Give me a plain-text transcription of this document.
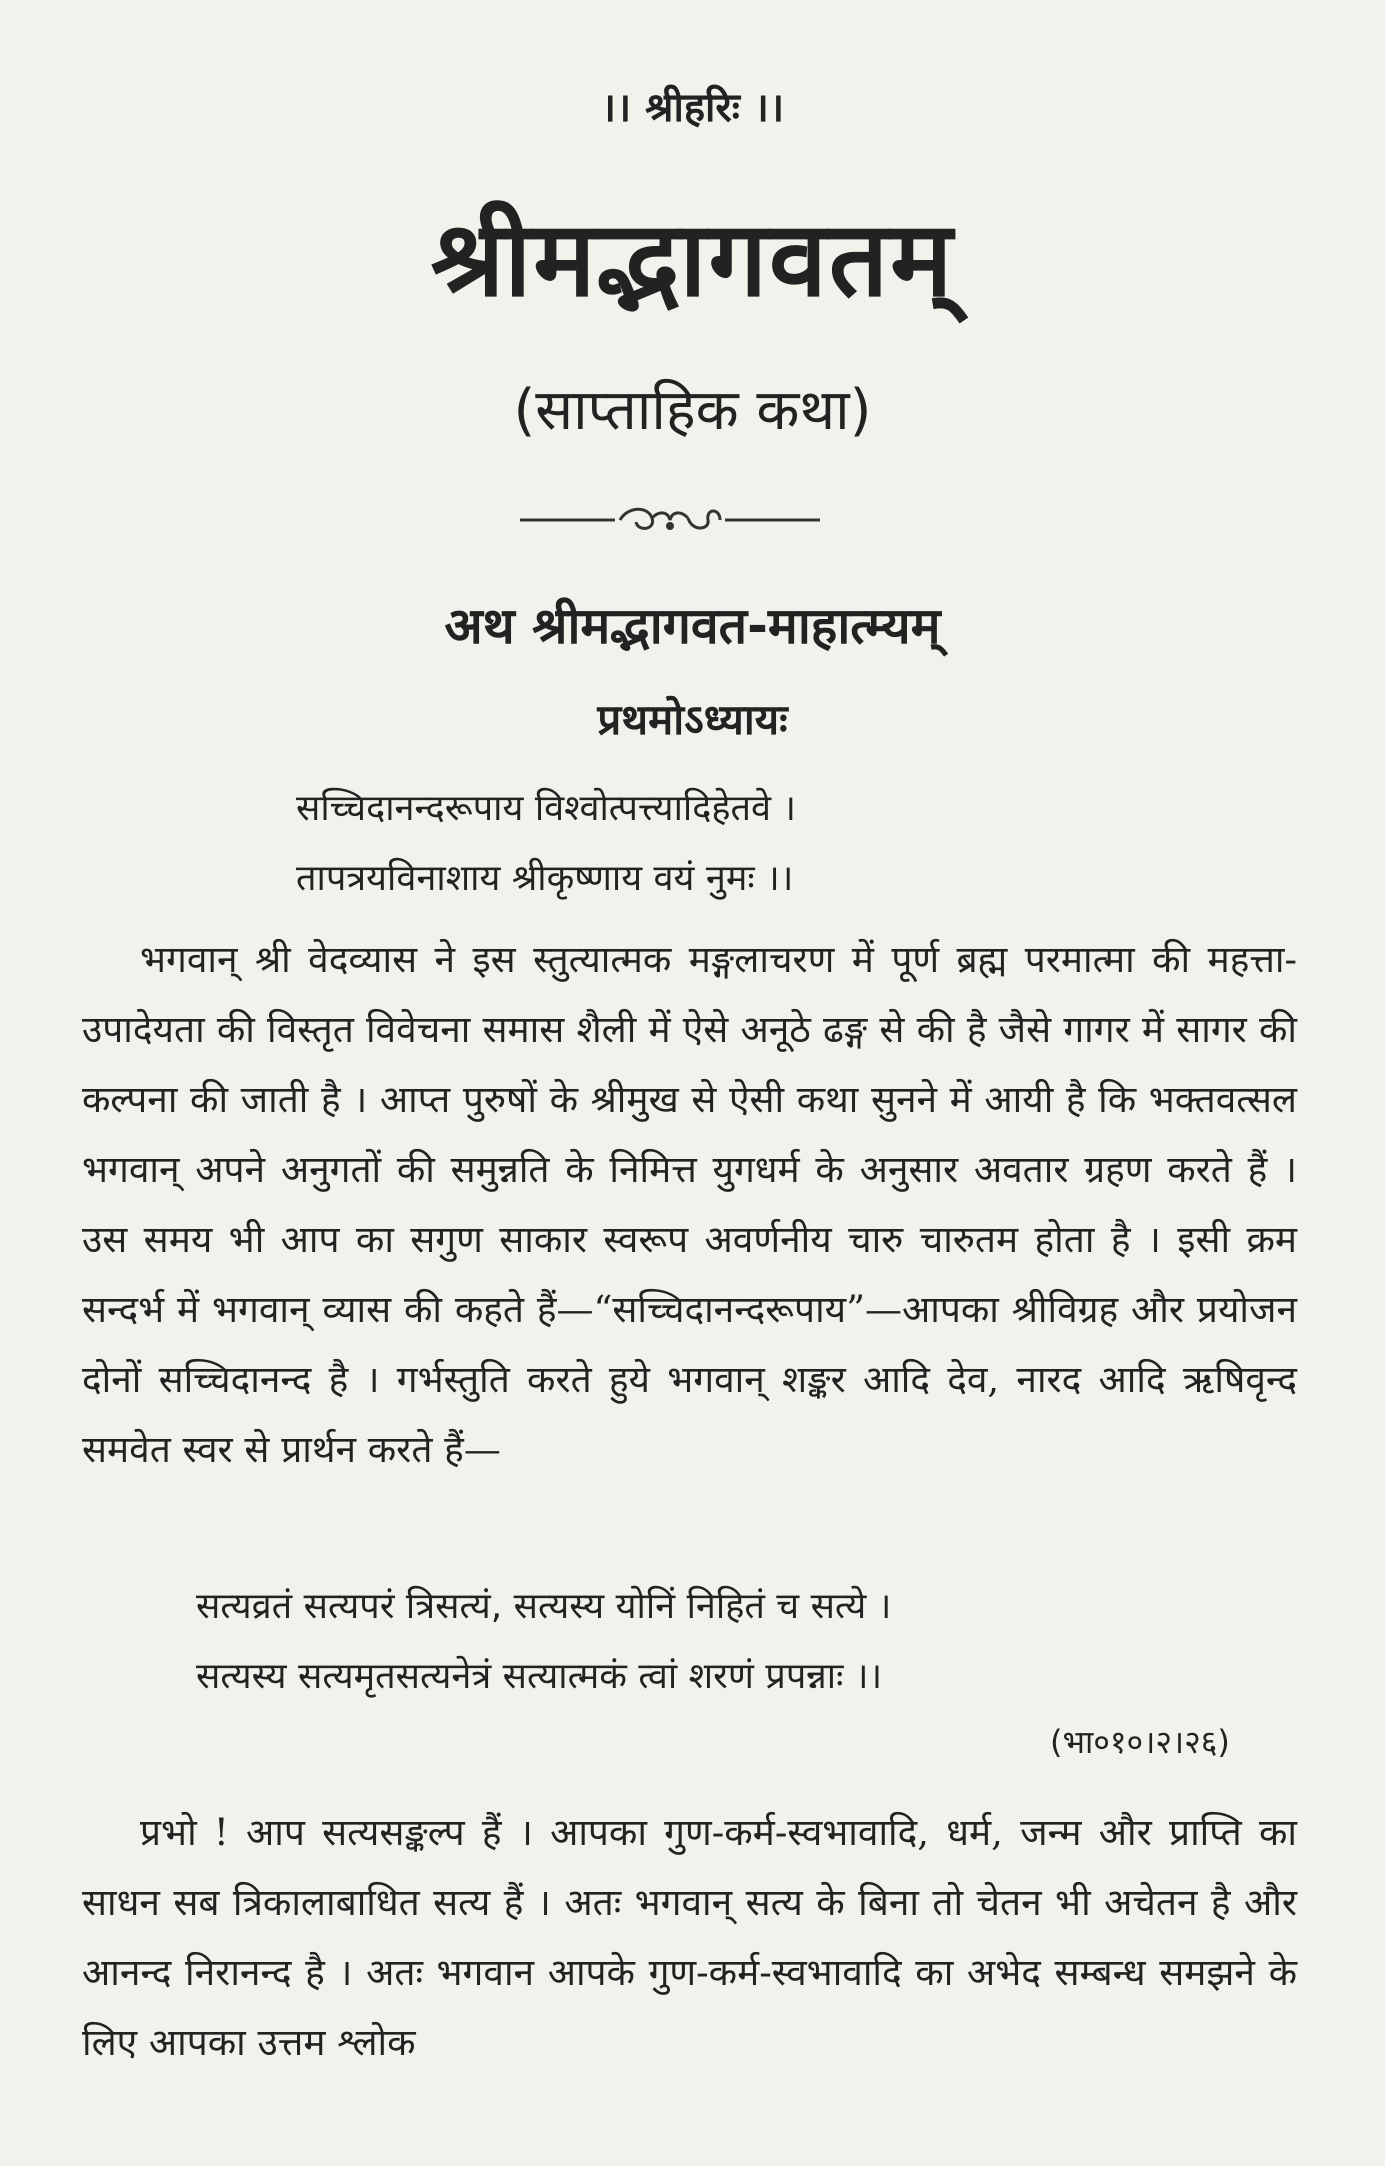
।। श्रीहरिः ।।
श्रीमद्भागवतम्
(साप्ताहिक कथा)
अथ श्रीमद्भागवत-माहात्म्यम्
प्रथमोऽध्यायः
सच्चिदानन्दरूपाय विश्वोत्पत्त्यादिहेतवे ।
तापत्रयविनाशाय श्रीकृष्णाय वयं नुमः ।।
भगवान् श्री वेदव्यास ने इस स्तुत्यात्मक मङ्गलाचरण में पूर्ण ब्रह्म परमात्मा की महत्ता-उपादेयता की विस्तृत विवेचना समास शैली में ऐसे अनूठे ढङ्ग से की है जैसे गागर में सागर की कल्पना की जाती है । आप्त पुरुषों के श्रीमुख से ऐसी कथा सुनने में आयी है कि भक्तवत्सल भगवान् अपने अनुगतों की समुन्नति के निमित्त युगधर्म के अनुसार अवतार ग्रहण करते हैं । उस समय भी आप का सगुण साकार स्वरूप अवर्णनीय चारु चारुतम होता है । इसी क्रम सन्दर्भ में भगवान् व्यास की कहते हैं—“सच्चिदानन्दरूपाय”—आपका श्रीविग्रह और प्रयोजन दोनों सच्चिदानन्द है । गर्भस्तुति करते हुये भगवान् शङ्कर आदि देव, नारद आदि ऋषिवृन्द समवेत स्वर से प्रार्थन करते हैं—
सत्यव्रतं सत्यपरं त्रिसत्यं, सत्यस्य योनिं निहितं च सत्ये ।
सत्यस्य सत्यमृतसत्यनेत्रं सत्यात्मकं त्वां शरणं प्रपन्नाः ।।
(भा०१०।२।२६)
प्रभो ! आप सत्यसङ्कल्प हैं । आपका गुण-कर्म-स्वभावादि, धर्म, जन्म और प्राप्ति का साधन सब त्रिकालाबाधित सत्य हैं । अतः भगवान् सत्य के बिना तो चेतन भी अचेतन है और आनन्द निरानन्द है । अतः भगवान आपके गुण-कर्म-स्वभावादि का अभेद सम्बन्ध समझने के लिए आपका उत्तम श्लोक
